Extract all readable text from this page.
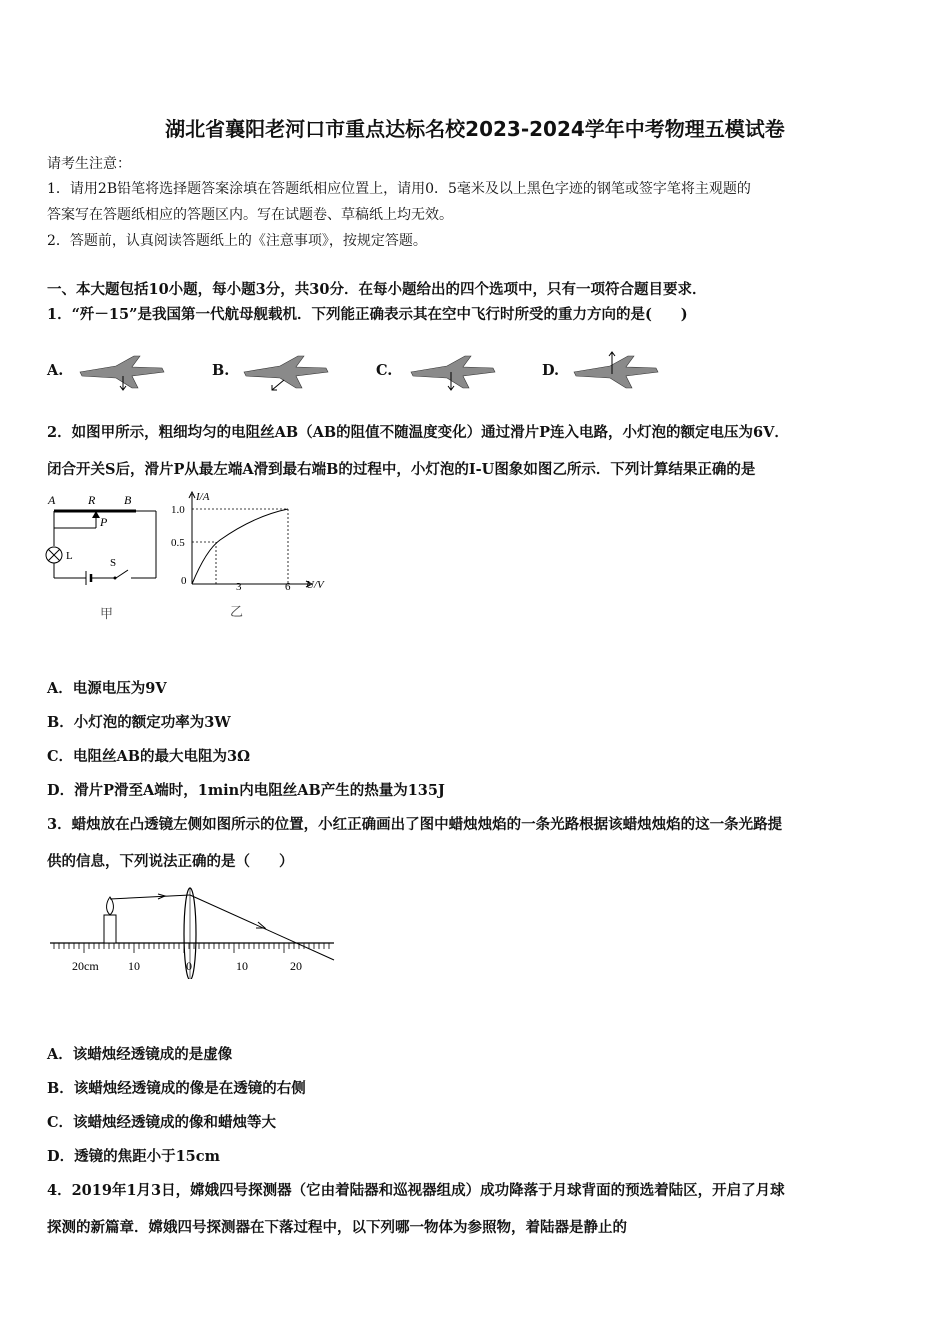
湖北省襄阳老河口市重点达标名校2023-2024学年中考物理五模试卷
请考生注意：
1．请用2B铅笔将选择题答案涂填在答题纸相应位置上，请用0．5毫米及以上黑色字迹的钢笔或签字笔将主观题的
答案写在答题纸相应的答题区内。写在试题卷、草稿纸上均无效。
2．答题前，认真阅读答题纸上的《注意事项》，按规定答题。
一、本大题包括10小题，每小题3分，共30分．在每小题给出的四个选项中，只有一项符合题目要求．
1．“歼－15”是我国第一代航母舰载机．下列能正确表示其在空中飞行时所受的重力方向的是(　　)
A.	B.	C.	D.
2．如图甲所示，粗细均匀的电阻丝AB（AB的阻值不随温度变化）通过滑片P连入电路，小灯泡的额定电压为6V．
闭合开关S后，滑片P从最左端A滑到最右端B的过程中，小灯泡的I-U图象如图乙所示．下列计算结果正确的是
A	R B
P
L
S
甲
I/A
U/V
1.0
0.5
0	3	6
乙
A．电源电压为9V
B．小灯泡的额定功率为3W
C．电阻丝AB的最大电阻为3Ω
D．滑片P滑至A端时，1min内电阻丝AB产生的热量为135J
3．蜡烛放在凸透镜左侧如图所示的位置，小红正确画出了图中蜡烛烛焰的一条光路根据该蜡烛烛焰的这一条光路提
供的信息，下列说法正确的是（　　）
20cm 10	0	10	20
A．该蜡烛经透镜成的是虚像
B．该蜡烛经透镜成的像是在透镜的右侧
C．该蜡烛经透镜成的像和蜡烛等大
D．透镜的焦距小于15cm
4．2019年1月3日，嫦娥四号探测器（它由着陆器和巡视器组成）成功降落于月球背面的预选着陆区，开启了月球
探测的新篇章．嫦娥四号探测器在下落过程中，以下列哪一物体为参照物，着陆器是静止的
